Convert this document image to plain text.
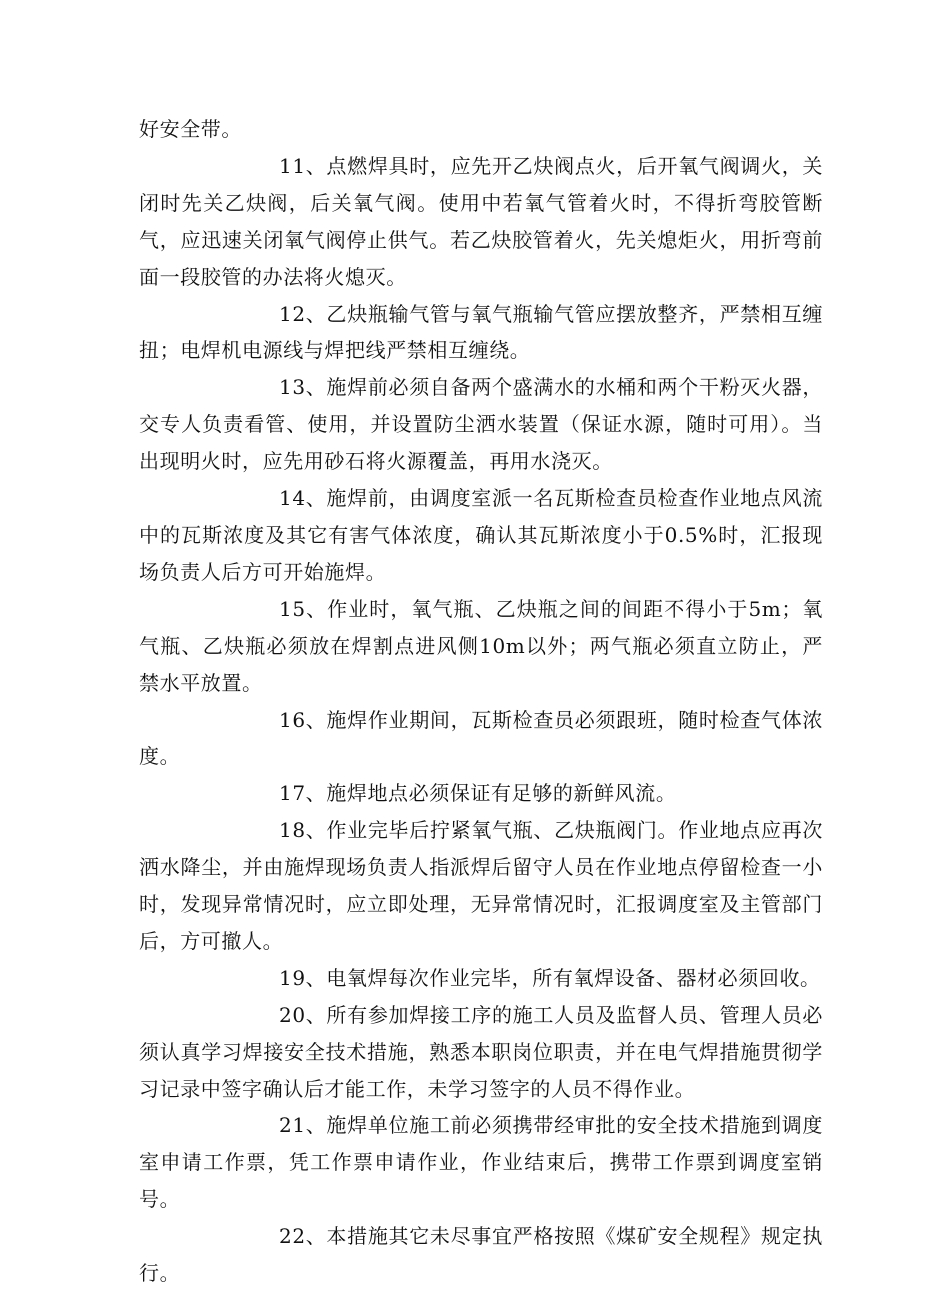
好安全带。

11、点燃焊具时，应先开乙炔阀点火，后开氧气阀调火，关闭时先关乙炔阀，后关氧气阀。使用中若氧气管着火时，不得折弯胶管断气，应迅速关闭氧气阀停止供气。若乙炔胶管着火，先关熄炬火，用折弯前面一段胶管的办法将火熄灭。

12、乙炔瓶输气管与氧气瓶输气管应摆放整齐，严禁相互缠扭；电焊机电源线与焊把线严禁相互缠绕。

13、施焊前必须自备两个盛满水的水桶和两个干粉灭火器，交专人负责看管、使用，并设置防尘洒水装置（保证水源，随时可用）。当出现明火时，应先用砂石将火源覆盖，再用水浇灭。

14、施焊前，由调度室派一名瓦斯检查员检查作业地点风流中的瓦斯浓度及其它有害气体浓度，确认其瓦斯浓度小于0.5%时，汇报现场负责人后方可开始施焊。

15、作业时，氧气瓶、乙炔瓶之间的间距不得小于5m；氧气瓶、乙炔瓶必须放在焊割点进风侧10m以外；两气瓶必须直立防止，严禁水平放置。

16、施焊作业期间，瓦斯检查员必须跟班，随时检查气体浓度。

17、施焊地点必须保证有足够的新鲜风流。

18、作业完毕后拧紧氧气瓶、乙炔瓶阀门。作业地点应再次洒水降尘，并由施焊现场负责人指派焊后留守人员在作业地点停留检查一小时，发现异常情况时，应立即处理，无异常情况时，汇报调度室及主管部门后，方可撤人。

19、电氧焊每次作业完毕，所有氧焊设备、器材必须回收。

20、所有参加焊接工序的施工人员及监督人员、管理人员必须认真学习焊接安全技术措施，熟悉本职岗位职责，并在电气焊措施贯彻学习记录中签字确认后才能工作，未学习签字的人员不得作业。

21、施焊单位施工前必须携带经审批的安全技术措施到调度室申请工作票，凭工作票申请作业，作业结束后，携带工作票到调度室销号。

22、本措施其它未尽事宜严格按照《煤矿安全规程》规定执行。
